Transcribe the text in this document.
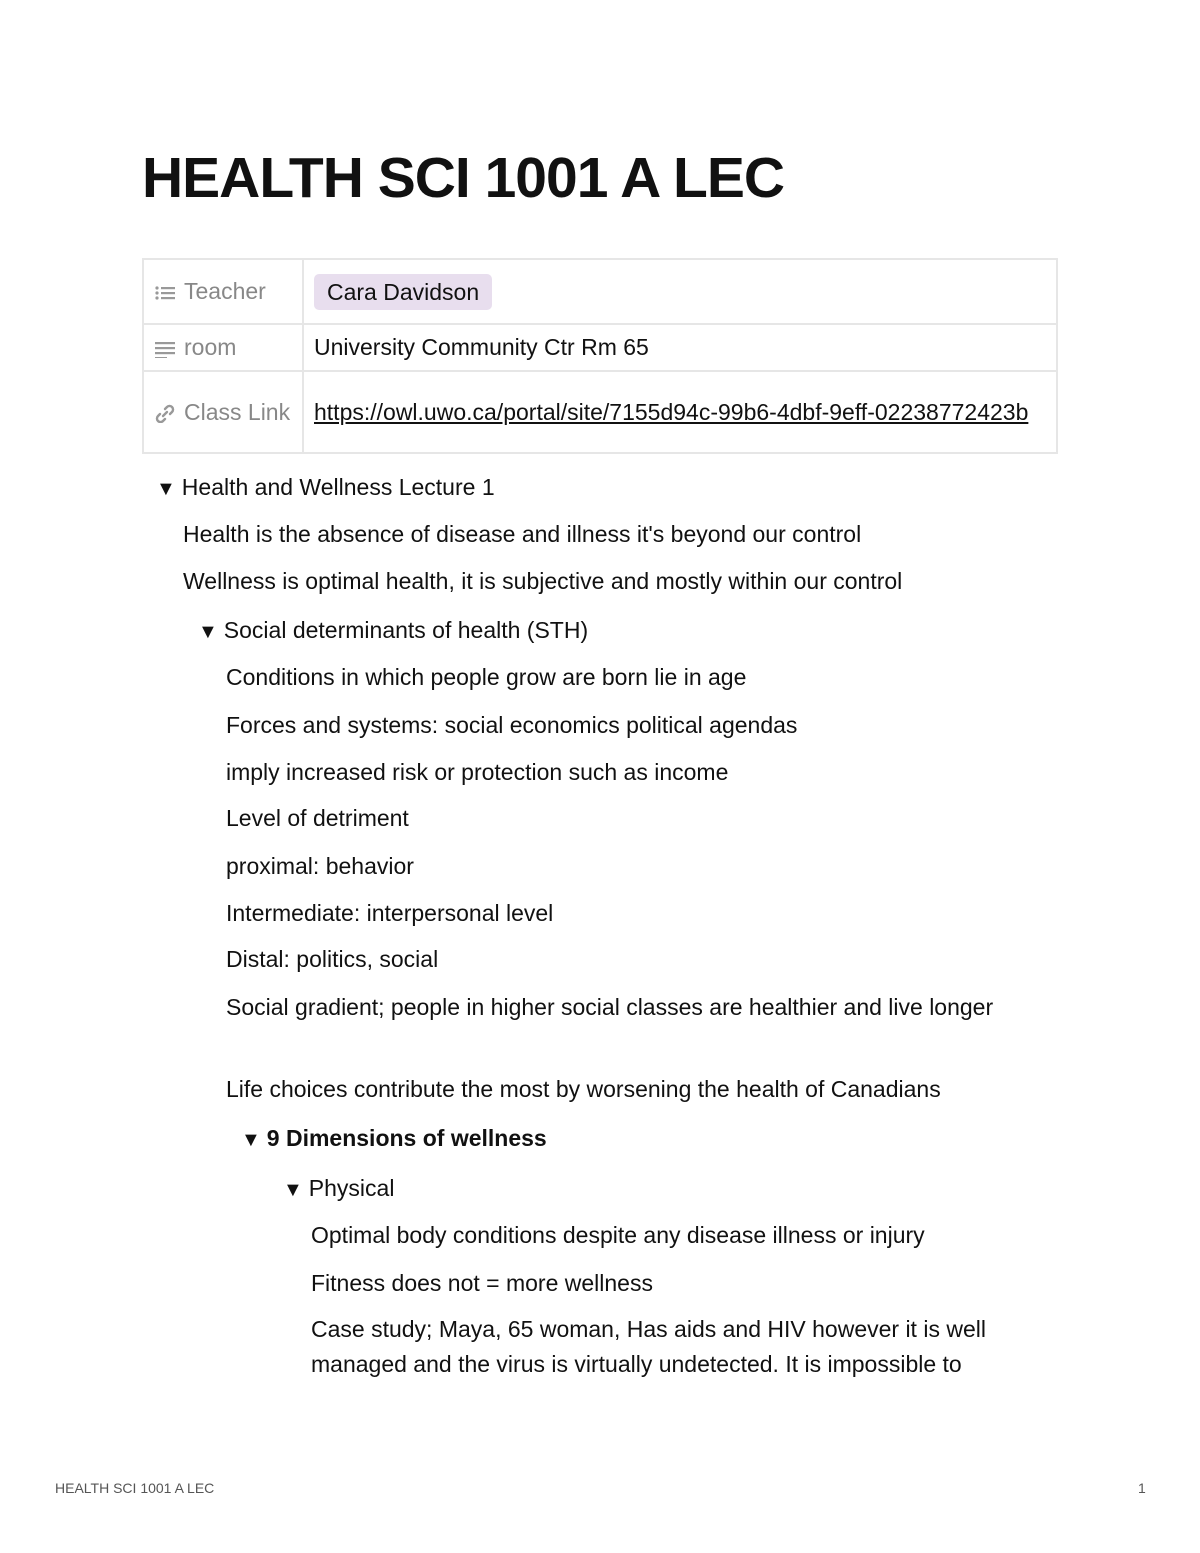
HEALTH SCI 1001 A LEC
Teacher	Cara Davidson
room	University Community Ctr Rm 65
Class Link	https://owl.uwo.ca/portal/site/7155d94c-99b6-4dbf-9eff-02238772423b
▼ Health and Wellness Lecture 1

Health is the absence of disease and illness it's beyond our control

Wellness is optimal health, it is subjective and mostly within our control

▼ Social determinants of health (STH)

Conditions in which people grow are born lie in age

Forces and systems: social economics political agendas

imply increased risk or protection such as income

Level of detriment

proximal: behavior

Intermediate: interpersonal level

Distal: politics, social

Social gradient; people in higher social classes are healthier and live longer

Life choices contribute the most by worsening the health of Canadians

▼ 9 Dimensions of wellness
▼ Physical

Optimal body conditions despite any disease illness or injury

Fitness does not = more wellness

Case study; Maya, 65 woman, Has aids and HIV however it is well managed and the virus is virtually undetected. It is impossible to

HEALTH SCI 1001 A LEC	1
